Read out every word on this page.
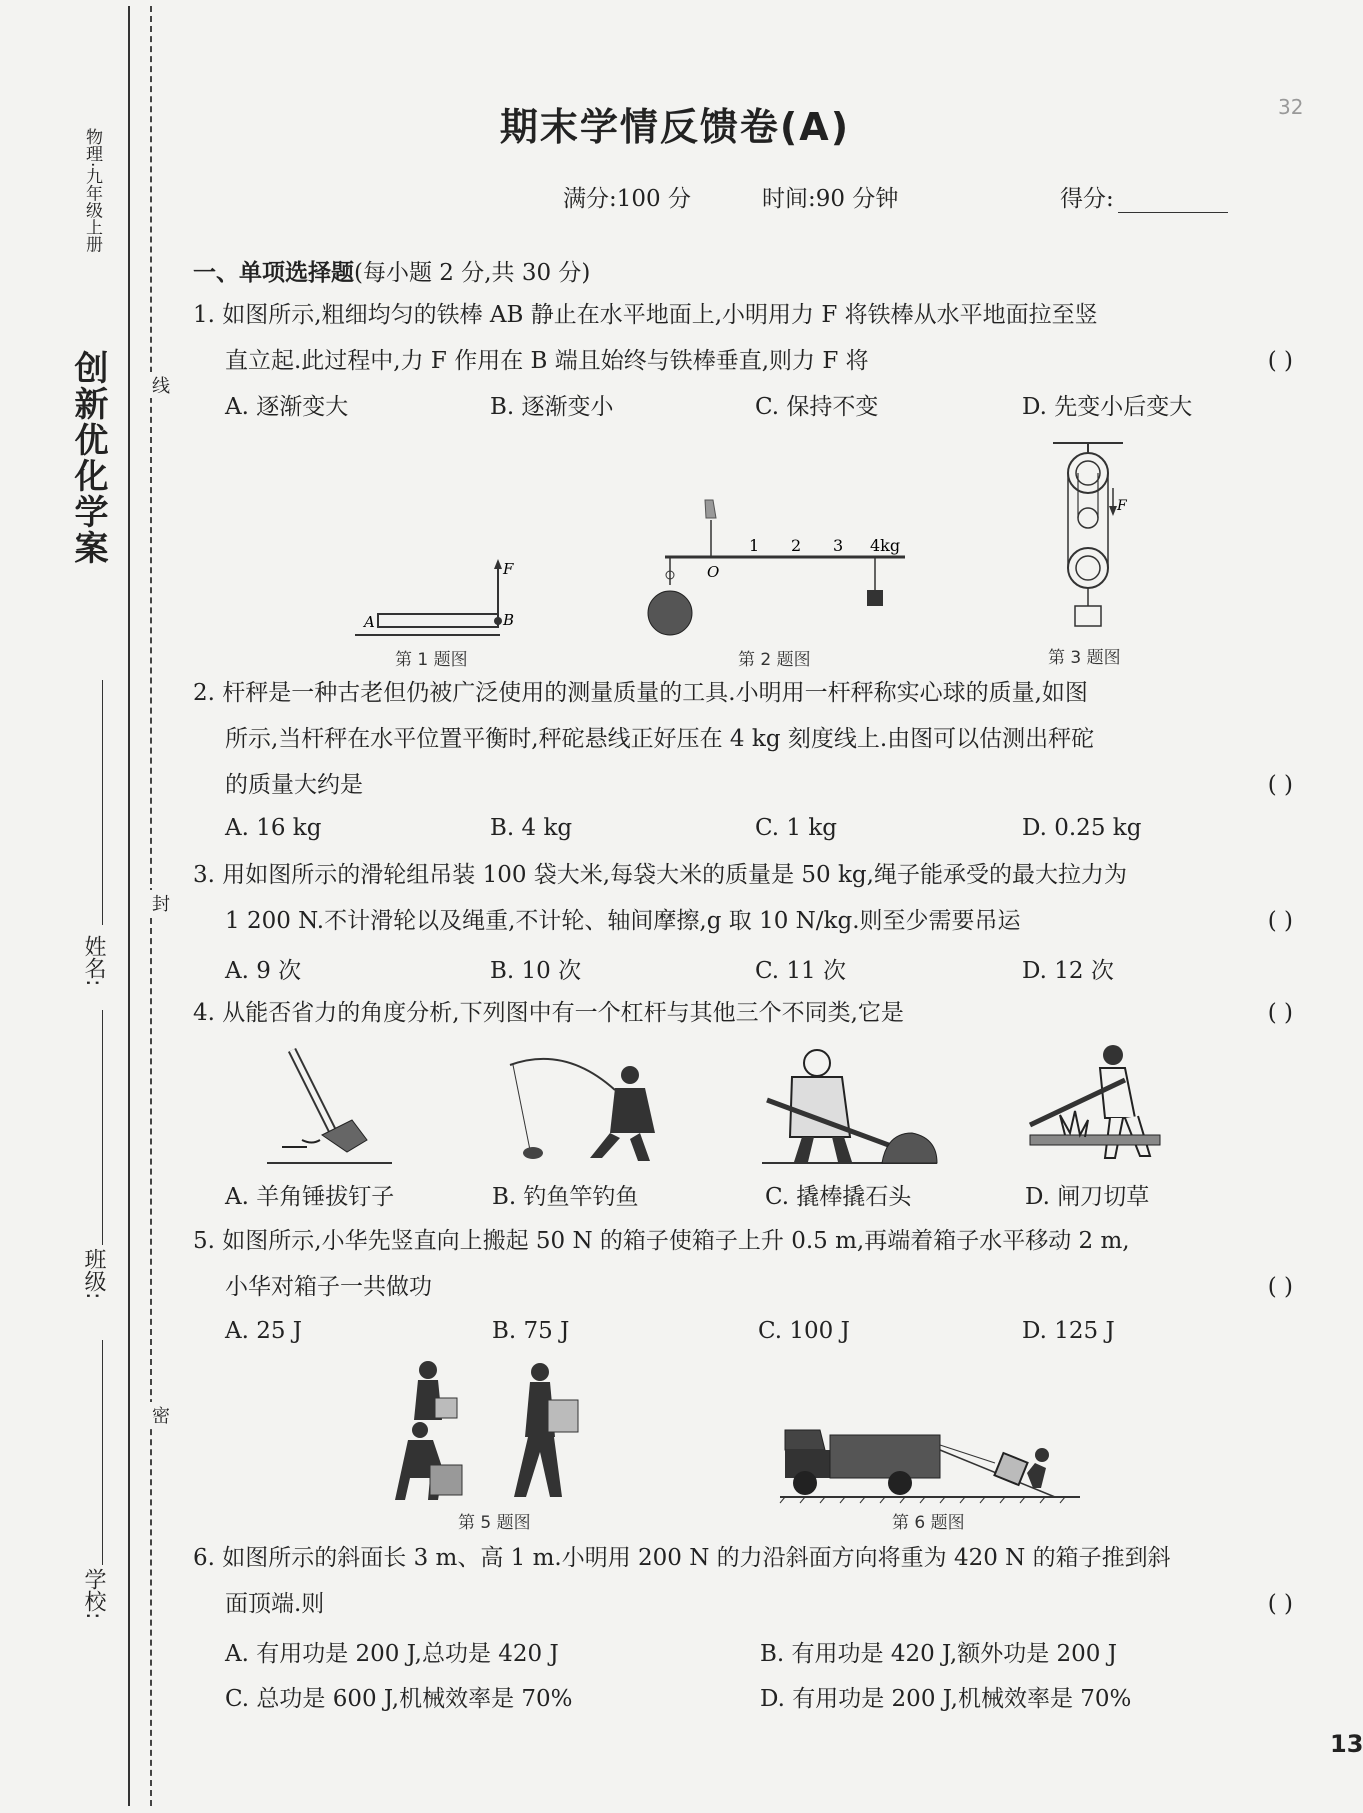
创新优化学案
物理·九年级上册
线
封
密
姓名:
班级:
学校:
期末学情反馈卷(A)	32
满分:100 分	时间:90 分钟	得分:
一、单项选择题(每小题 2 分,共 30 分)
1. 如图所示,粗细均匀的铁棒 AB 静止在水平地面上,小明用力 F 将铁棒从水平地面拉至竖
直立起.此过程中,力 F 作用在 B 端且始终与铁棒垂直,则力 F 将	( )
A. 逐渐变大	B. 逐渐变小	C. 保持不变	D. 先变小后变大
A	B
F
第 1 题图
O
1 2 3 4kg
第 2 题图
F
第 3 题图
2. 杆秤是一种古老但仍被广泛使用的测量质量的工具.小明用一杆秤称实心球的质量,如图
所示,当杆秤在水平位置平衡时,秤砣悬线正好压在 4 kg 刻度线上.由图可以估测出秤砣
的质量大约是	( )
A. 16 kg	B. 4 kg	C. 1 kg	D. 0.25 kg
3. 用如图所示的滑轮组吊装 100 袋大米,每袋大米的质量是 50 kg,绳子能承受的最大拉力为
1 200 N.不计滑轮以及绳重,不计轮、轴间摩擦,g 取 10 N/kg.则至少需要吊运	( )
A. 9 次	B. 10 次	C. 11 次	D. 12 次
4. 从能否省力的角度分析,下列图中有一个杠杆与其他三个不同类,它是	( )
A. 羊角锤拔钉子	B. 钓鱼竿钓鱼	C. 撬棒撬石头	D. 闸刀切草
5. 如图所示,小华先竖直向上搬起 50 N 的箱子使箱子上升 0.5 m,再端着箱子水平移动 2 m,
小华对箱子一共做功	( )
A. 25 J	B. 75 J	C. 100 J	D. 125 J
第 5 题图	第 6 题图
6. 如图所示的斜面长 3 m、高 1 m.小明用 200 N 的力沿斜面方向将重为 420 N 的箱子推到斜
面顶端.则	( )
A. 有用功是 200 J,总功是 420 J	B. 有用功是 420 J,额外功是 200 J
C. 总功是 600 J,机械效率是 70%	D. 有用功是 200 J,机械效率是 70%
13
